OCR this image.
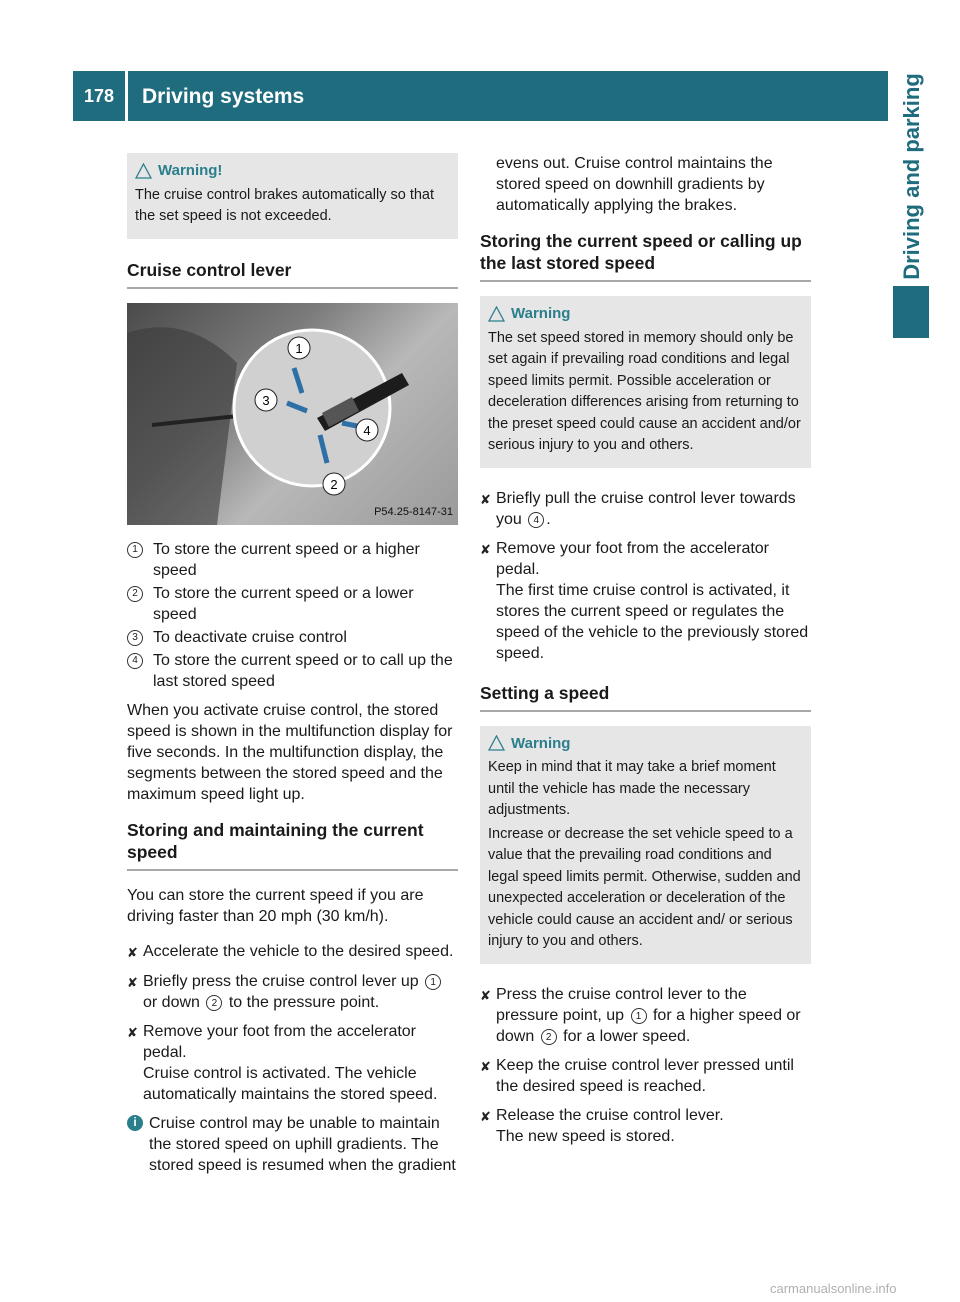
178	Driving systems	Driving and parking
Warning!

The cruise control brakes automatically so that the set speed is not exceeded.

Cruise control lever
1
2
3
4
P54.25-8147-31
1 To store the current speed or a higher speed
2 To store the current speed or a lower speed
3 To deactivate cruise control
4 To store the current speed or to call up the last stored speed

When you activate cruise control, the stored speed is shown in the multifunction display for five seconds. In the multifunction display, the segments between the stored speed and the maximum speed light up.

Storing and maintaining the current speed

You can store the current speed if you are driving faster than 20 mph (30 km/h).

✘ Accelerate the vehicle to the desired speed.
✘ Briefly press the cruise control lever up 1 or down 2 to the pressure point.
✘ Remove your foot from the accelerator pedal.
Cruise control is activated. The vehicle automatically maintains the stored speed.
i Cruise control may be unable to maintain the stored speed on uphill gradients. The stored speed is resumed when the gradient

evens out. Cruise control maintains the stored speed on downhill gradients by automatically applying the brakes.

Storing the current speed or calling up the last stored speed
Warning

The set speed stored in memory should only be set again if prevailing road conditions and legal speed limits permit. Possible acceleration or deceleration differences arising from returning to the preset speed could cause an accident and/or serious injury to you and others.

✘ Briefly pull the cruise control lever towards you 4 .
✘ Remove your foot from the accelerator pedal.
The first time cruise control is activated, it stores the current speed or regulates the speed of the vehicle to the previously stored speed.
Setting a speed
Warning

Keep in mind that it may take a brief moment until the vehicle has made the necessary adjustments.

Increase or decrease the set vehicle speed to a value that the prevailing road conditions and legal speed limits permit. Otherwise, sudden and unexpected acceleration or deceleration of the vehicle could cause an accident and/ or serious injury to you and others.

✘ Press the cruise control lever to the pressure point, up 1 for a higher speed or down 2 for a lower speed.
✘ Keep the cruise control lever pressed until the desired speed is reached.
✘ Release the cruise control lever.
The new speed is stored.
carmanualsonline.info
